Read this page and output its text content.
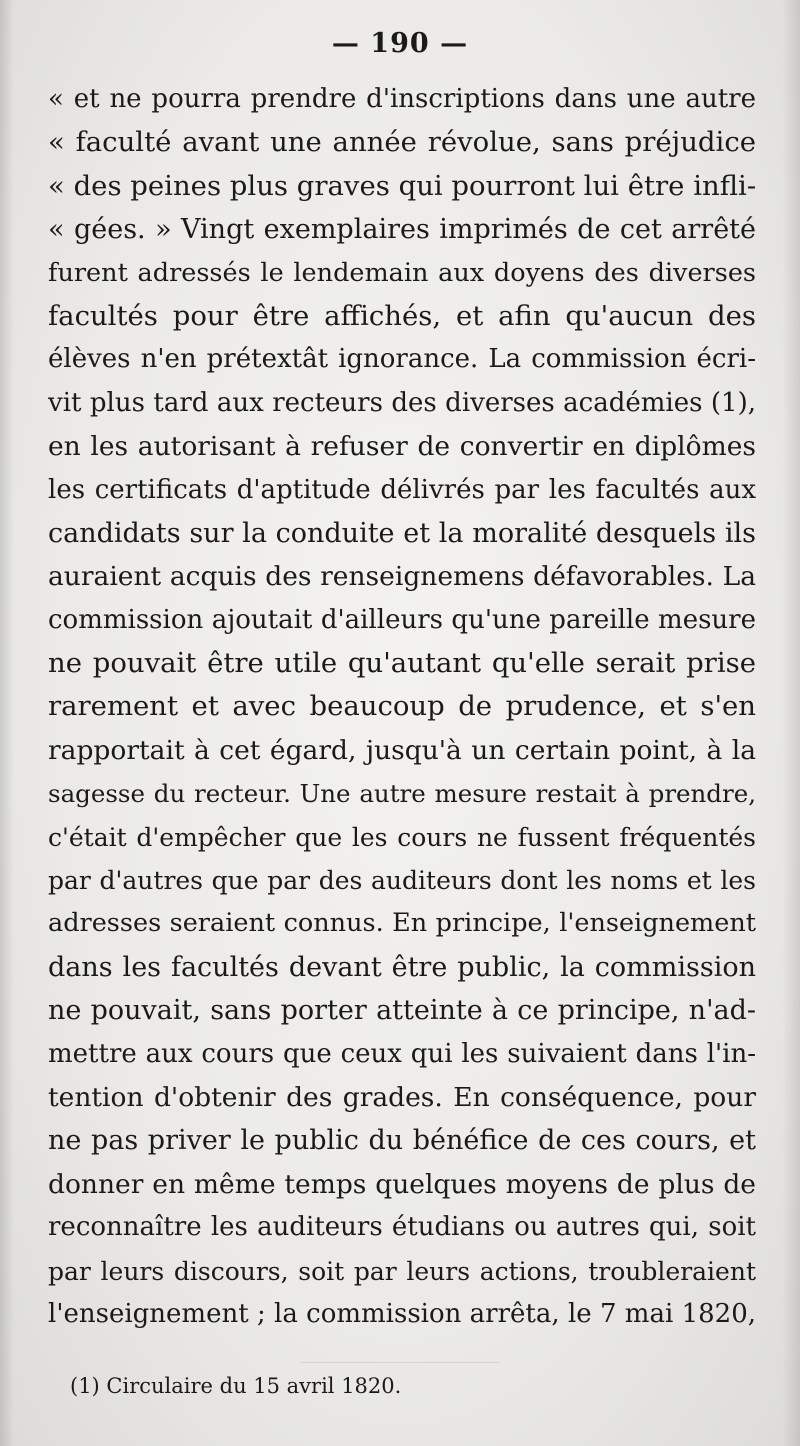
— 190 —
« et ne pourra prendre d'inscriptions dans une autre
« faculté avant une année révolue, sans préjudice
« des peines plus graves qui pourront lui être infli-
« gées. » Vingt exemplaires imprimés de cet arrêté
furent adressés le lendemain aux doyens des diverses
facultés pour être affichés, et afin qu'aucun des
élèves n'en prétextât ignorance. La commission écri-
vit plus tard aux recteurs des diverses académies (1),
en les autorisant à refuser de convertir en diplômes
les certificats d'aptitude délivrés par les facultés aux
candidats sur la conduite et la moralité desquels ils
auraient acquis des renseignemens défavorables. La
commission ajoutait d'ailleurs qu'une pareille mesure
ne pouvait être utile qu'autant qu'elle serait prise
rarement et avec beaucoup de prudence, et s'en
rapportait à cet égard, jusqu'à un certain point, à la
sagesse du recteur. Une autre mesure restait à prendre,
c'était d'empêcher que les cours ne fussent fréquentés
par d'autres que par des auditeurs dont les noms et les
adresses seraient connus. En principe, l'enseignement
dans les facultés devant être public, la commission
ne pouvait, sans porter atteinte à ce principe, n'ad-
mettre aux cours que ceux qui les suivaient dans l'in-
tention d'obtenir des grades. En conséquence, pour
ne pas priver le public du bénéfice de ces cours, et
donner en même temps quelques moyens de plus de
reconnaître les auditeurs étudians ou autres qui, soit
par leurs discours, soit par leurs actions, troubleraient
l'enseignement ; la commission arrêta, le 7 mai 1820,
(1) Circulaire du 15 avril 1820.
